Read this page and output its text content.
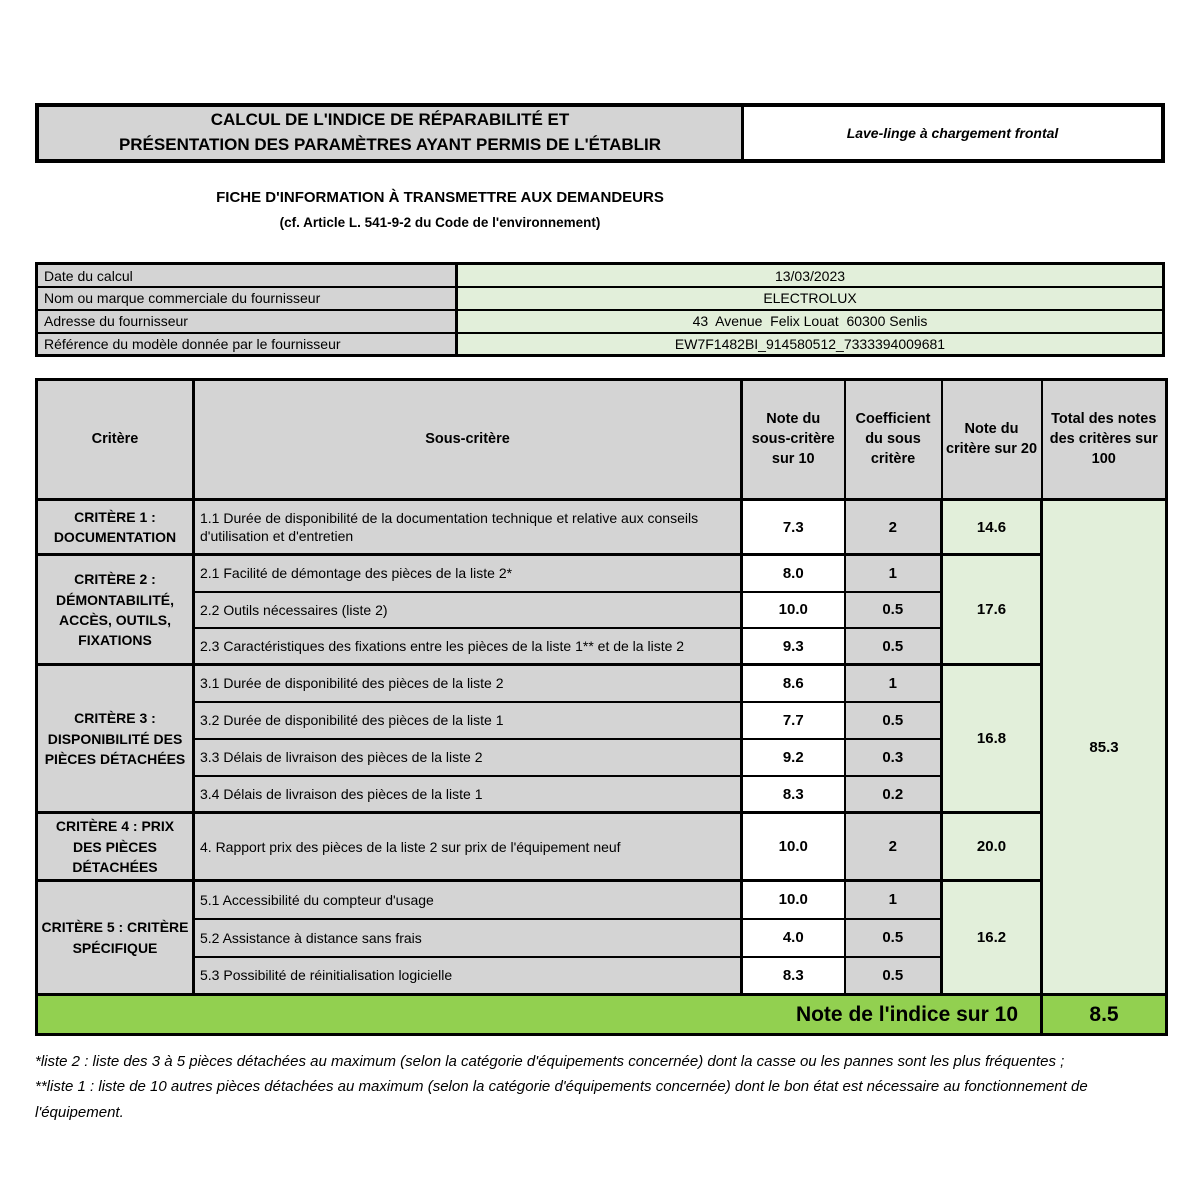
CALCUL DE L'INDICE DE RÉPARABILITÉ ET
PRÉSENTATION DES PARAMÈTRES AYANT PERMIS DE L'ÉTABLIR
Lave-linge à chargement frontal
FICHE D'INFORMATION À TRANSMETTRE AUX DEMANDEURS
(cf. Article L. 541-9-2 du Code de l'environnement)
Date du calcul	13/03/2023
Nom ou marque commerciale du fournisseur	ELECTROLUX
Adresse du fournisseur	43  Avenue  Felix Louat  60300 Senlis
Référence du modèle donnée par le fournisseur	EW7F1482BI_914580512_7333394009681
Critère	Sous-critère	Note du sous-critère sur 10	Coefficient du sous critère	Note du critère sur 20	Total des notes des critères sur 100
CRITÈRE 1 : DOCUMENTATION	1.1 Durée de disponibilité de la documentation technique et relative aux conseils d'utilisation et d'entretien	7.3	2	14.6	85.3
CRITÈRE 2 : DÉMONTABILITÉ, ACCÈS, OUTILS, FIXATIONS	2.1 Facilité de démontage des pièces de la liste 2*	8.0	1	17.6	
	2.2 Outils nécessaires (liste 2)	10.0	0.5		
	2.3 Caractéristiques des fixations entre les pièces de la liste 1** et de la liste 2	9.3	0.5		
CRITÈRE 3 : DISPONIBILITÉ DES PIÈCES DÉTACHÉES	3.1 Durée de disponibilité des pièces de la liste 2	8.6	1	16.8	
	3.2 Durée de disponibilité des pièces de la liste 1	7.7	0.5		
	3.3 Délais de livraison des pièces de la liste 2	9.2	0.3		
	3.4 Délais de livraison des pièces de la liste 1	8.3	0.2		
CRITÈRE 4 : PRIX DES PIÈCES DÉTACHÉES	4. Rapport prix des pièces de la liste 2 sur prix de l'équipement neuf	10.0	2	20.0	
CRITÈRE 5 : CRITÈRE SPÉCIFIQUE	5.1 Accessibilité du compteur d'usage	10.0	1	16.2	
	5.2 Assistance à distance sans frais	4.0	0.5		
	5.3 Possibilité de réinitialisation logicielle	8.3	0.5		
Note de l'indice sur 10					8.5
*liste 2 : liste des 3 à 5 pièces détachées au maximum (selon la catégorie d'équipements concernée) dont la casse ou les pannes sont les plus fréquentes ;
**liste 1 : liste de 10 autres pièces détachées au maximum (selon la catégorie d'équipements concernée) dont le bon état est nécessaire au fonctionnement de l'équipement.
